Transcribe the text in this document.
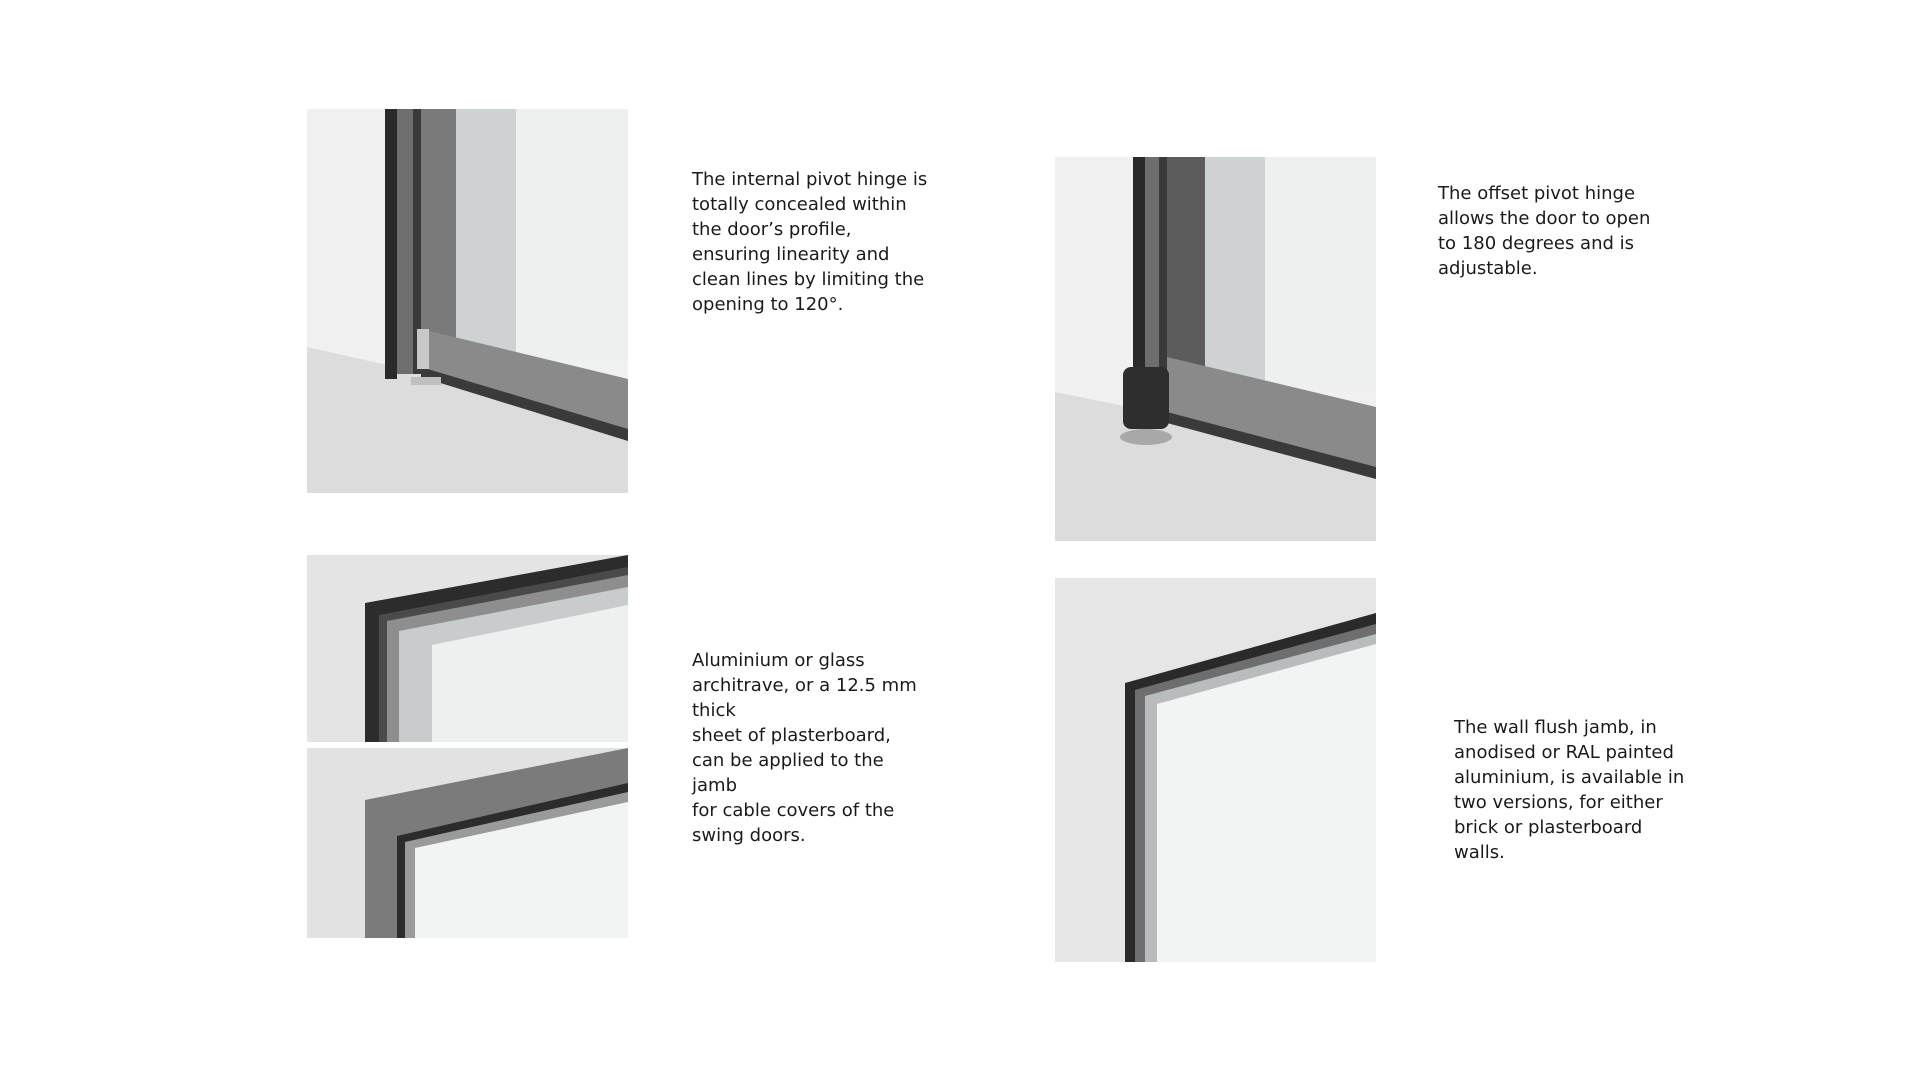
The internal pivot hinge is
totally concealed within
the door’s profile,
ensuring linearity and
clean lines by limiting the
opening to 120°.

The offset pivot hinge
allows the door to open
to 180 degrees and is
adjustable.

Aluminium or glass
architrave, or a 12.5 mm
thick
sheet of plasterboard,
can be applied to the
jamb
for cable covers of the
swing doors.

The wall flush jamb, in
anodised or RAL painted
aluminium, is available in
two versions, for either
brick or plasterboard
walls.
